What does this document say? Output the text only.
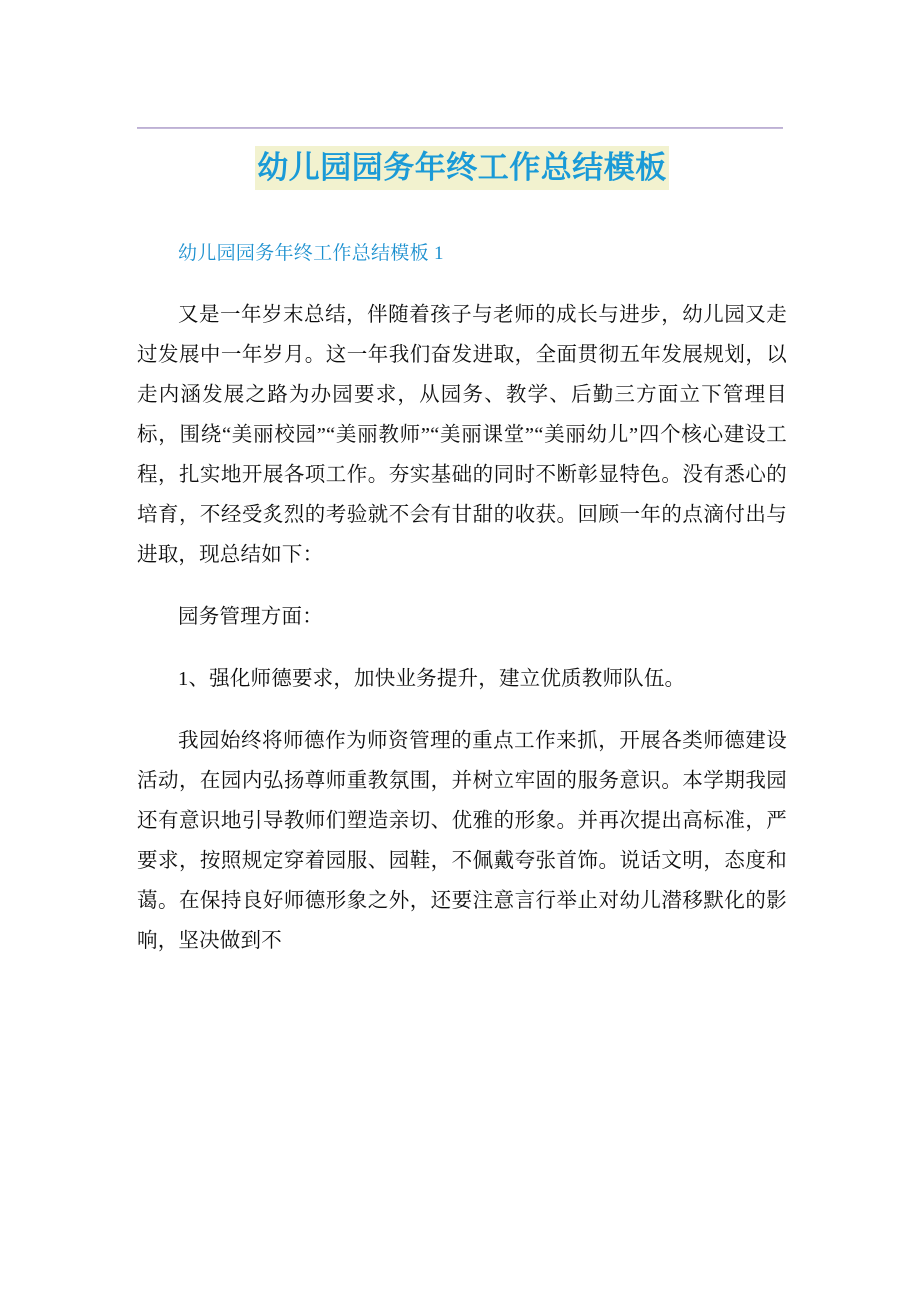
幼儿园园务年终工作总结模板
幼儿园园务年终工作总结模板 1

又是一年岁末总结，伴随着孩子与老师的成长与进步，幼儿园又走过发展中一年岁月。这一年我们奋发进取，全面贯彻五年发展规划，以走内涵发展之路为办园要求，从园务、教学、后勤三方面立下管理目标，围绕“美丽校园”“美丽教师”“美丽课堂”“美丽幼儿”四个核心建设工程，扎实地开展各项工作。夯实基础的同时不断彰显特色。没有悉心的培育，不经受炙烈的考验就不会有甘甜的收获。回顾一年的点滴付出与进取，现总结如下：

园务管理方面：

1、强化师德要求，加快业务提升，建立优质教师队伍。

我园始终将师德作为师资管理的重点工作来抓，开展各类师德建设活动，在园内弘扬尊师重教氛围，并树立牢固的服务意识。本学期我园还有意识地引导教师们塑造亲切、优雅的形象。并再次提出高标准，严要求，按照规定穿着园服、园鞋，不佩戴夸张首饰。说话文明，态度和蔼。在保持良好师德形象之外，还要注意言行举止对幼儿潜移默化的影响，坚决做到不
